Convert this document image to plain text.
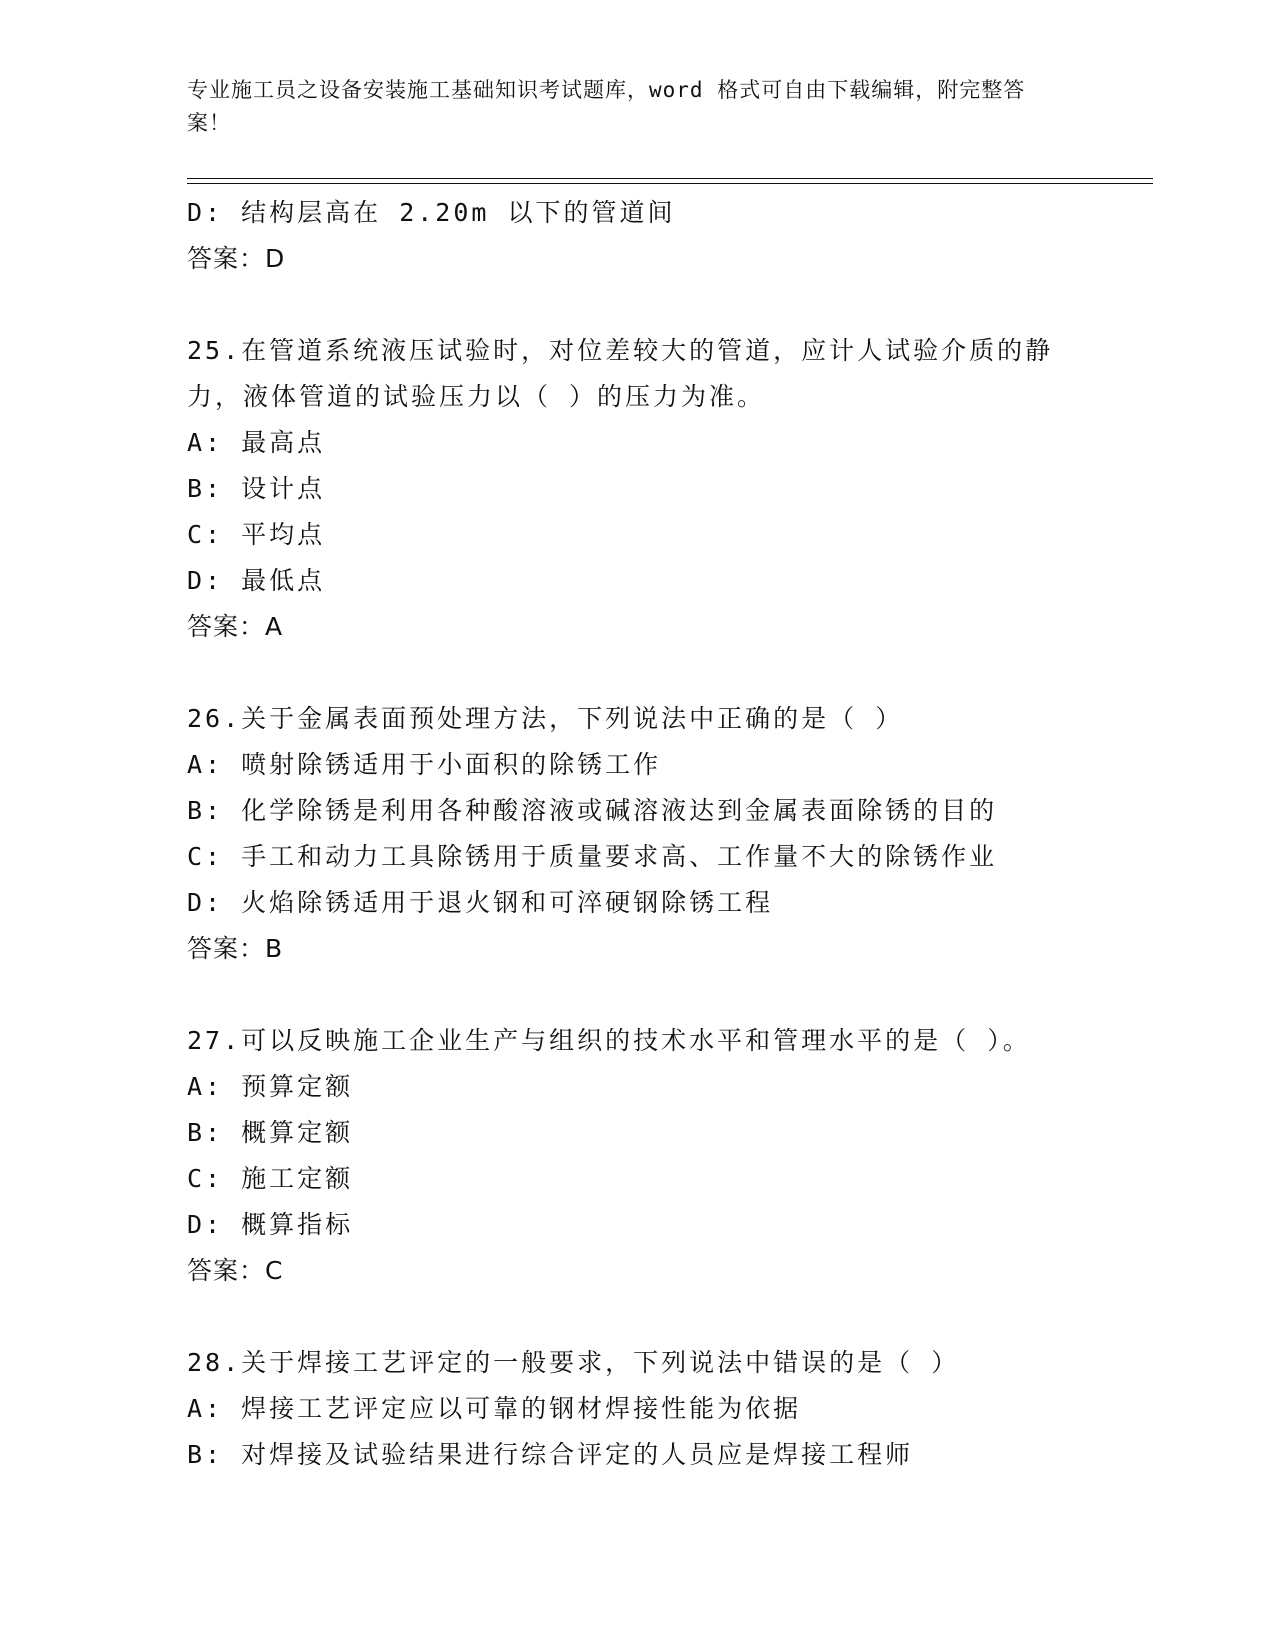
专业施工员之设备安装施工基础知识考试题库，word 格式可自由下载编辑，附完整答案！
D: 结构层高在 2.20m 以下的管道间
答案：D
25.在管道系统液压试验时，对位差较大的管道，应计人试验介质的静
力，液体管道的试验压力以（ ）的压力为准。
A: 最高点
B: 设计点
C: 平均点
D: 最低点
答案：A
26.关于金属表面预处理方法，下列说法中正确的是（ ）
A: 喷射除锈适用于小面积的除锈工作
B: 化学除锈是利用各种酸溶液或碱溶液达到金属表面除锈的目的
C: 手工和动力工具除锈用于质量要求高、工作量不大的除锈作业
D: 火焰除锈适用于退火钢和可淬硬钢除锈工程
答案：B
27.可以反映施工企业生产与组织的技术水平和管理水平的是（ ）。
A: 预算定额
B: 概算定额
C: 施工定额
D: 概算指标
答案：C
28.关于焊接工艺评定的一般要求，下列说法中错误的是（ ）
A: 焊接工艺评定应以可靠的钢材焊接性能为依据
B: 对焊接及试验结果进行综合评定的人员应是焊接工程师
